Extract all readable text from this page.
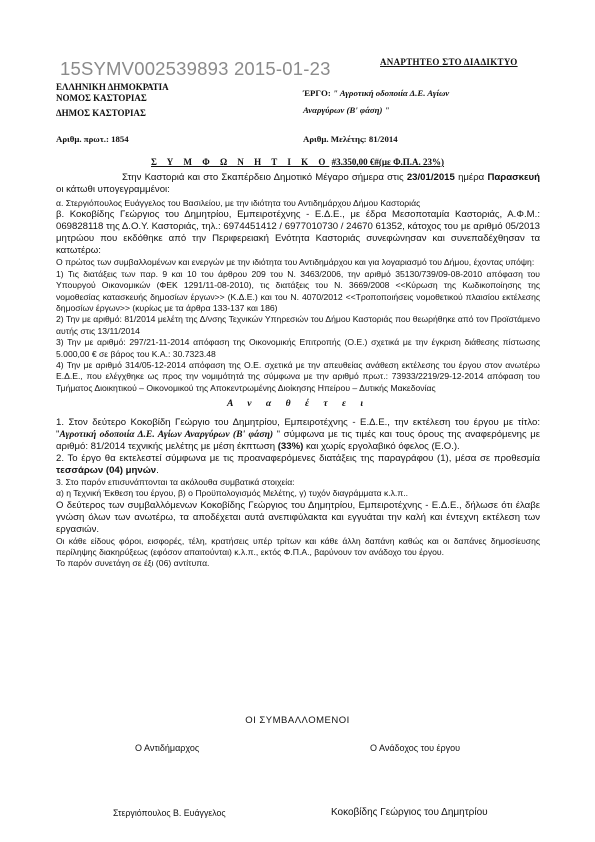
ΑΝΑΡΤΗΤΕΟ ΣΤΟ ΔΙΑΔΙΚΤΥΟ
15SYMV002539893 2015-01-23
ΕΛΛΗΝΙΚΗ ΔΗΜΟΚΡΑΤΙΑ
ΝΟΜΟΣ ΚΑΣΤΟΡΙΑΣ
ΔΗΜΟΣ ΚΑΣΤΟΡΙΑΣ
ΈΡΓΟ: " Αγροτική οδοποιία Δ.Ε. Αγίων
Αναργύρων (Β' φάση) "
Αριθμ. πρωτ.: 1854	Αριθμ. Μελέτης: 81/2014
Σ Υ Μ Φ Ω Ν Η Τ Ι Κ Ο #3.350,00 €#(με Φ.Π.Α. 23%)

Στην Καστοριά και στο Σκαπέρδειο Δημοτικό Μέγαρο σήμερα στις 23/01/2015 ημέρα Παρασκευή οι κάτωθι υπογεγραμμένοι:

α. Στεργιόπουλος Ευάγγελος του Βασιλείου, με την ιδιότητα του Αντιδημάρχου Δήμου Καστοριάς

β. Κοκοβίδης Γεώργιος του Δημητρίου, Εμπειροτέχνης - Ε.Δ.Ε., με έδρα Μεσοποταμία Καστοριάς, Α.Φ.Μ.: 069828118 της Δ.Ο.Υ. Καστοριάς, τηλ.: 6974451412 / 6977010730 / 24670 61352, κάτοχος του με αριθμό 05/2013 μητρώου που εκδόθηκε από την Περιφερειακή Ενότητα Καστοριάς συνεφώνησαν και συνεπαδέχθησαν τα κατωτέρω:

Ο πρώτος των συμβαλλομένων και ενεργών με την ιδιότητα του Αντιδημάρχου και για λογαριασμό του Δήμου, έχοντας υπόψη:

1) Τις διατάξεις των παρ. 9 και 10 του άρθρου 209 του Ν. 3463/2006, την αριθμό 35130/739/09-08-2010 απόφαση του Υπουργού Οικονομικών (ΦΕΚ 1291/11-08-2010), τις διατάξεις του Ν. 3669/2008 <<Κύρωση της Κωδικοποίησης της νομοθεσίας κατασκευής δημοσίων έργων>> (Κ.Δ.Ε.) και του Ν. 4070/2012 <<Τροποποιήσεις νομοθετικού πλαισίου εκτέλεσης δημοσίων έργων>> (κυρίως με τα άρθρα 133-137 και 186)

2) Την με αριθμό: 81/2014 μελέτη της Δ/νσης Τεχνικών Υπηρεσιών του Δήμου Καστοριάς που θεωρήθηκε από τον Προϊστάμενο αυτής στις 13/11/2014

3) Την με αριθμό: 297/21-11-2014 απόφαση της Οικονομικής Επιτροπής (Ο.Ε.) σχετικά με την έγκριση διάθεσης πίστωσης 5.000,00 € σε βάρος του Κ.Α.: 30.7323.48

4) Την με αριθμό 314/05-12-2014 απόφαση της Ο.Ε. σχετικά με την απευθείας ανάθεση εκτέλεσης του έργου στον ανωτέρω Ε.Δ.Ε., που ελέγχθηκε ως προς την νομιμότητά της σύμφωνα με την αριθμό πρωτ.: 73933/2219/29-12-2014 απόφαση του Τμήματος Διοικητικού – Οικονομικού της Αποκεντρωμένης Διοίκησης Ηπείρου – Δυτικής Μακεδονίας

Α ν α θ έ τ ε ι

1. Στον δεύτερο Κοκοβίδη Γεώργιο του Δημητρίου, Εμπειροτέχνης - Ε.Δ.Ε., την εκτέλεση του έργου με τίτλο: "Αγροτική οδοποιία Δ.Ε. Αγίων Αναργύρων (Β' φάση) " σύμφωνα με τις τιμές και τους όρους της αναφερόμενης με αριθμό: 81/2014 τεχνικής μελέτης με μέση έκπτωση (33%) και χωρίς εργολαβικό όφελος (Ε.Ο.).

2. Το έργο θα εκτελεστεί σύμφωνα με τις προαναφερόμενες διατάξεις της παραγράφου (1), μέσα σε προθεσμία τεσσάρων (04) μηνών.

3. Στο παρόν επισυνάπτονται τα ακόλουθα συμβατικά στοιχεία:

α) η Τεχνική Έκθεση του έργου, β) ο Προϋπολογισμός Μελέτης, γ) τυχόν διαγράμματα κ.λ.π..

Ο δεύτερος των συμβαλλόμενων Κοκοβίδης Γεώργιος του Δημητρίου, Εμπειροτέχνης - Ε.Δ.Ε., δήλωσε ότι έλαβε γνώση όλων των ανωτέρω, τα αποδέχεται αυτά ανεπιφύλακτα και εγγυάται την καλή και έντεχνη εκτέλεση των εργασιών.

Οι κάθε είδους φόροι, εισφορές, τέλη, κρατήσεις υπέρ τρίτων και κάθε άλλη δαπάνη καθώς και οι δαπάνες δημοσίευσης περίληψης διακηρύξεως (εφόσον απαιτούνται) κ.λ.π., εκτός Φ.Π.Α., βαρύνουν τον ανάδοχο του έργου.

Το παρόν συνετάγη σε έξι (06) αντίτυπα.

ΟΙ ΣΥΜΒΑΛΛΟΜΕΝΟΙ
Ο Αντιδήμαρχος	Ο Ανάδοχος του έργου
Στεργιόπουλος Β. Ευάγγελος	Κοκοβίδης Γεώργιος του Δημητρίου
